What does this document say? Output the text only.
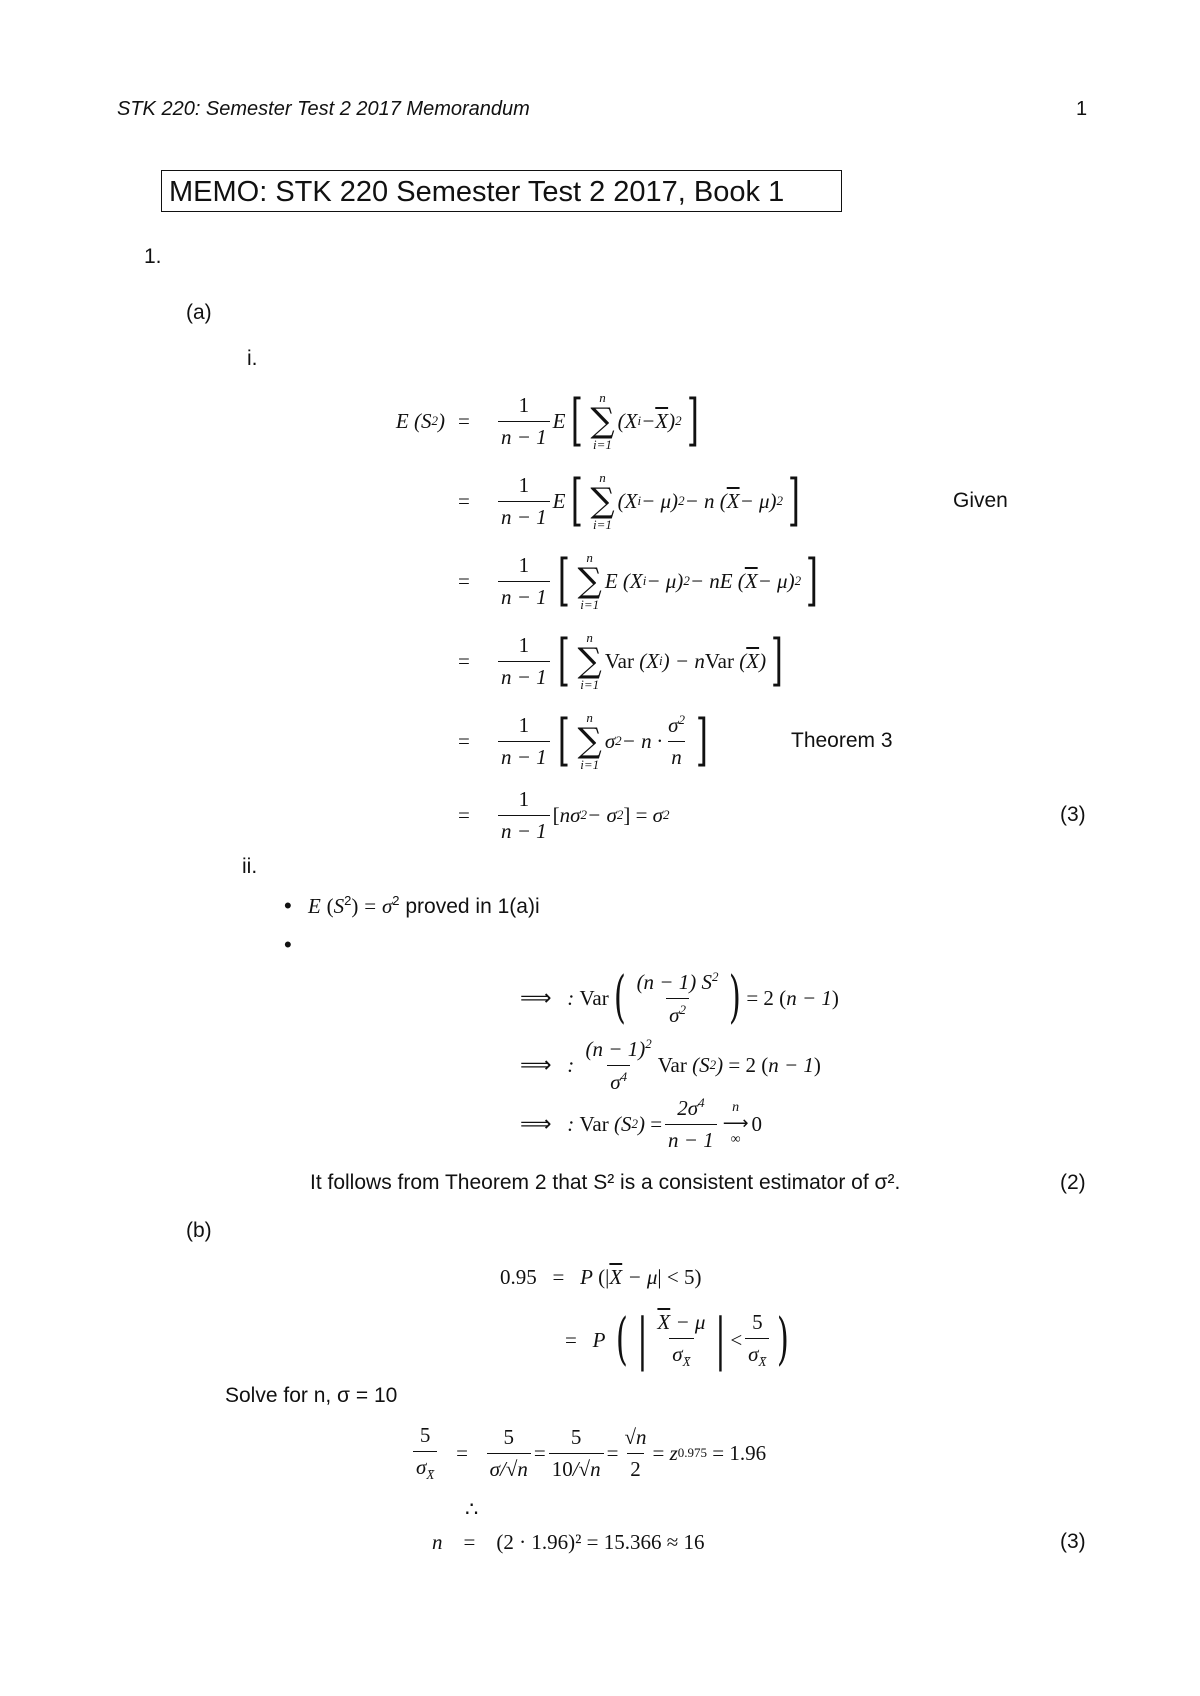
STK 220: Semester Test 2 2017 Memorandum	1
MEMO: STK 220 Semester Test 2 2017, Book 1
1.
(a)
i.
E (S 2 ) = $\frac{1}{n - 1}$ E [ n
∑
i=1
(X $i - \overline{X}$ ) 2 ]
= $\frac{1}{n - 1}$ E [ n
∑
i=1
(X i − μ) 2 − n ( $\overline{X} - \mu$) 2 ]	Given
= $\frac{1}{n - 1}$ [ n
∑
i=1
E (X i − μ) 2 − nE ( $\overline{X} - \mu$) 2 ]
= $\frac{1}{n - 1}$ [ n
∑
i=1
Var (X i ) − n Var ( $\overline{X}$ ) ]
= $\frac{1}{n - 1}$ [ n
∑
i=1
σ $2 - n \cdot \frac{\sigma^2}{n}$ ]	Theorem 3
= $\frac{1}{n - 1}$ [ nσ 2 − σ 2 ]
= σ 2	(3)
ii.
• E $(S^2) = \sigma^2$ proved in 1(a)i
•
⟹ : Var ( $\frac{(n - 1) S^2}{\sigma^2}$ ) = 2 ( n − 1 )
⟹ : $\frac{(n - 1)^2}{\sigma^4}$ Var (S 2 ) = 2 ( n − 1 )
⟹ : Var (S 2 ) = $\frac{2\sigma^4}{n - 1}$ n
⟶
∞
0
It follows from Theorem 2 that S² is a consistent estimator of σ².	(2)
(b)
0.95   =   P $(|\overline{X} - \mu| < 5)$
= P ( | $\frac{\overline{X} - \mu}{\sigma_{X̄}}$ | < $\frac{5}{\sigma_{X̄}}$ )
Solve for n, σ = 10
$\frac{5}{\sigma_{X̄}} = \frac{5}{\sigma/√n} = \frac{5}{10/√n} = \frac{√n}{2} = z$ 0.975
= 1.96
∴
n    =    (2 · 1.96)² = 15.366 ≈ 16	(3)
